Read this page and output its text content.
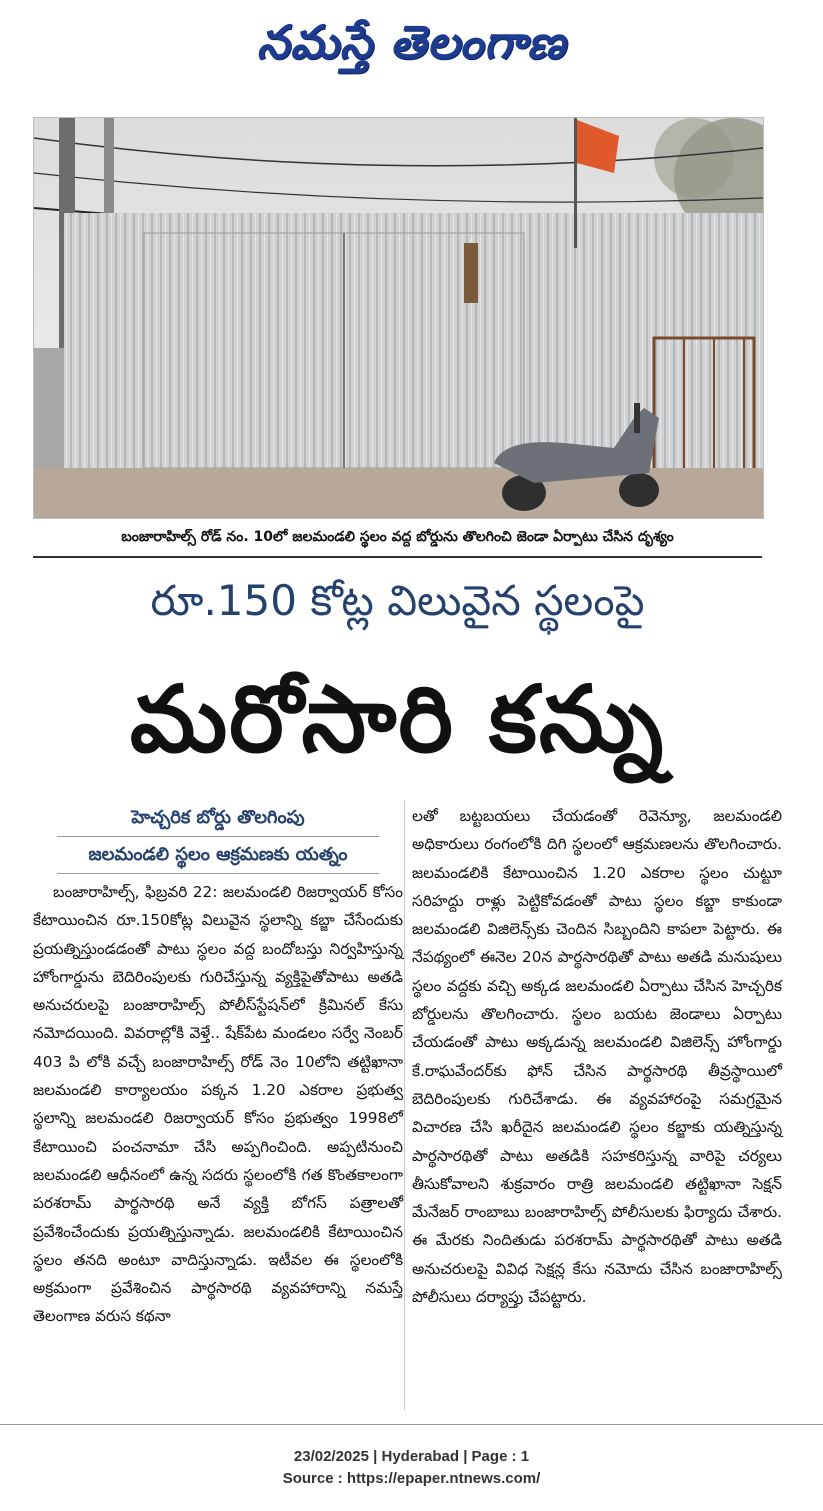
నమస్తే తెలంగాణ
బంజారాహిల్స్ రోడ్ నం. 10లో జలమండలి స్థలం వద్ద బోర్డును తొలగించి జెండా ఏర్పాటు చేసిన దృశ్యం
రూ.150 కోట్ల విలువైన స్థలంపై
మరోసారి కన్ను
హెచ్చరిక బోర్డు తొలగింపు
జలమండలి స్థలం ఆక్రమణకు యత్నం

బంజారాహిల్స్, ఫిబ్రవరి 22: జలమండలి రిజర్వాయర్ కోసం కేటాయించిన రూ.150కోట్ల విలువైన స్థలాన్ని కబ్జా చేసేందుకు ప్రయత్నిస్తుండడంతో పాటు స్థలం వద్ద బందోబస్తు నిర్వహిస్తున్న హోంగార్డును బెదిరింపులకు గురిచేస్తున్న వ్యక్తిపైతోపాటు అతడి అనుచరులపై బంజారాహిల్స్ పోలీస్‌స్టేషన్‌లో క్రిమినల్ కేసు నమోదయింది. వివరాల్లోకి వెళ్తే.. షేక్‌పేట మండలం సర్వే నెంబర్ 403 పి లోకి వచ్చే బంజారాహిల్స్ రోడ్ నెం 10లోని తట్టిఖానా జలమండలి కార్యాలయం పక్కన 1.20 ఎకరాల ప్రభుత్వ స్థలాన్ని జలమండలి రిజర్వాయర్ కోసం ప్రభుత్వం 1998లో కేటాయించి పంచనామా చేసి అప్పగించింది. అప్పటినుంచి జలమండలి ఆధీనంలో ఉన్న సదరు స్థలంలోకి గత కొంతకాలంగా పరశరామ్ పార్థసారథి అనే వ్యక్తి బోగస్ పత్రాలతో ప్రవేశించేందుకు ప్రయత్నిస్తున్నాడు. జలమండలికి కేటాయించిన స్థలం తనది అంటూ వాదిస్తున్నాడు. ఇటీవల ఈ స్థలంలోకి అక్రమంగా ప్రవేశించిన పార్థసారథి వ్యవహారాన్ని నమస్తే తెలంగాణ వరుస కథనా

లతో బట్టబయలు చేయడంతో రెవెన్యూ, జలమండలి అధికారులు రంగంలోకి దిగి స్థలంలో ఆక్రమణలను తొలగించారు. జలమండలికి కేటాయించిన 1.20 ఎకరాల స్థలం చుట్టూ సరిహద్దు రాళ్లు పెట్టికోవడంతో పాటు స్థలం కబ్జా కాకుండా జలమండలి విజిలెన్స్‌కు చెందిన సిబ్బందిని కాపలా పెట్టారు. ఈ నేపథ్యంలో ఈనెల 20న పార్థసారథితో పాటు అతడి మనుషులు స్థలం వద్దకు వచ్చి అక్కడ జలమండలి ఏర్పాటు చేసిన హెచ్చరిక బోర్డులను తొలగించారు. స్థలం బయట జెండాలు ఏర్పాటు చేయడంతో పాటు అక్కడున్న జలమండలి విజిలెన్స్ హోంగార్డు కే.రాఘవేందర్‌కు ఫోన్ చేసిన పార్థసారథి తీవ్రస్థాయిలో బెదిరింపులకు గురిచేశాడు. ఈ వ్యవహారంపై సమగ్రమైన విచారణ చేసి ఖరీదైన జలమండలి స్థలం కబ్జాకు యత్నిస్తున్న పార్థసారథితో పాటు అతడికి సహకరిస్తున్న వారిపై చర్యలు తీసుకోవాలని శుక్రవారం రాత్రి జలమండలి తట్టిఖానా సెక్షన్ మేనేజర్ రాంబాబు బంజారాహిల్స్ పోలీసులకు ఫిర్యాదు చేశారు. ఈ మేరకు నిందితుడు పరశరామ్ పార్థసారథితో పాటు అతడి అనుచరులపై వివిధ సెక్షన్ల కేసు నమోదు చేసిన బంజారాహిల్స్ పోలీసులు దర్యాప్తు చేపట్టారు.

23/02/2025 | Hyderabad | Page : 1
Source : https://epaper.ntnews.com/
